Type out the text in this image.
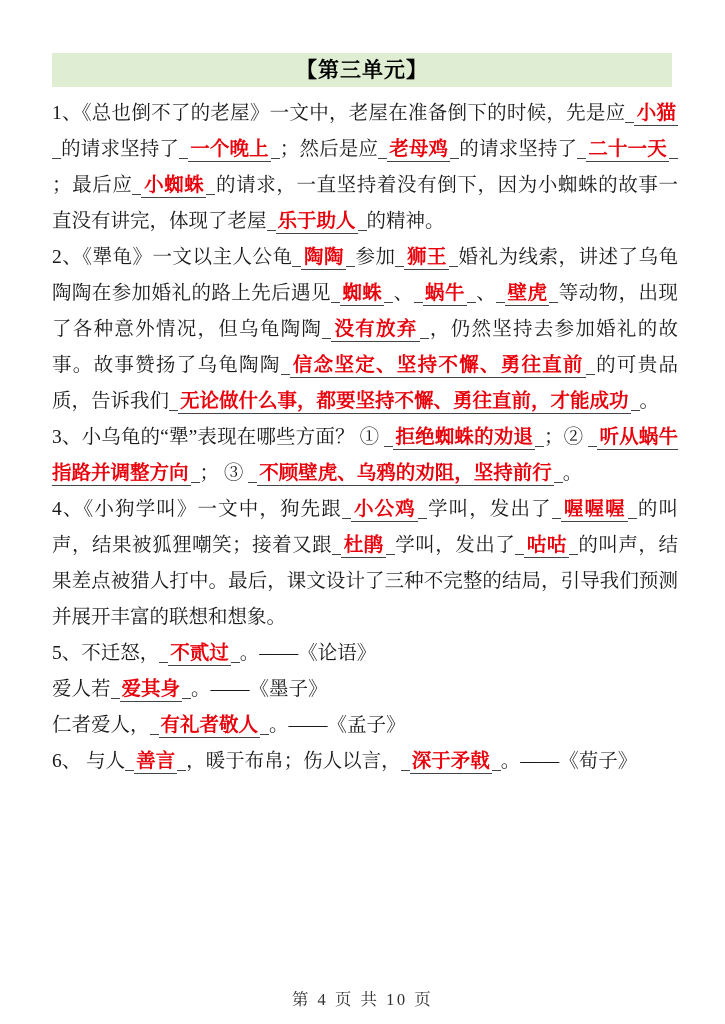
【第三单元】

1、《总也倒不了的老屋》一文中，老屋在准备倒下的时候，先是应 小猫的请求坚持了 一个晚上 ；然后是应 老母鸡 的请求坚持了 二十一天；最后应 小蜘蛛 的请求，一直坚持着没有倒下，因为小蜘蛛的故事一直没有讲完，体现了老屋 乐于助人 的精神。

2、《犟龟》一文以主人公龟 陶陶 参加 狮王 婚礼为线索，讲述了乌龟陶陶在参加婚礼的路上先后遇见 蜘蛛 、 蜗牛 、 壁虎 等动物，出现了各种意外情况，但乌龟陶陶 没有放弃 ，仍然坚持去参加婚礼的故事。故事赞扬了乌龟陶陶 信念坚定、坚持不懈、勇往直前 的可贵品质，告诉我们 无论做什么事，都要坚持不懈、勇往直前，才能成功 。

3、小乌龟的“犟”表现在哪些方面？ ① 拒绝蜘蛛的劝退 ；② 听从蜗牛指路并调整方向 ； ③ 不顾壁虎、乌鸦的劝阻，坚持前行 。

4、《小狗学叫》一文中，狗先跟 小公鸡 学叫，发出了 喔喔喔 的叫声，结果被狐狸嘲笑；接着又跟 杜鹃 学叫，发出了 咕咕 的叫声，结果差点被猎人打中。最后，课文设计了三种不完整的结局，引导我们预测并展开丰富的联想和想象。

5、不迁怒， 不贰过 。——《论语》

爱人若 爱其身 。——《墨子》

仁者爱人， 有礼者敬人 。——《孟子》

6、 与人 善言 ，暖于布帛；伤人以言， 深于矛戟 。——《荀子》

第 4 页 共 10 页
